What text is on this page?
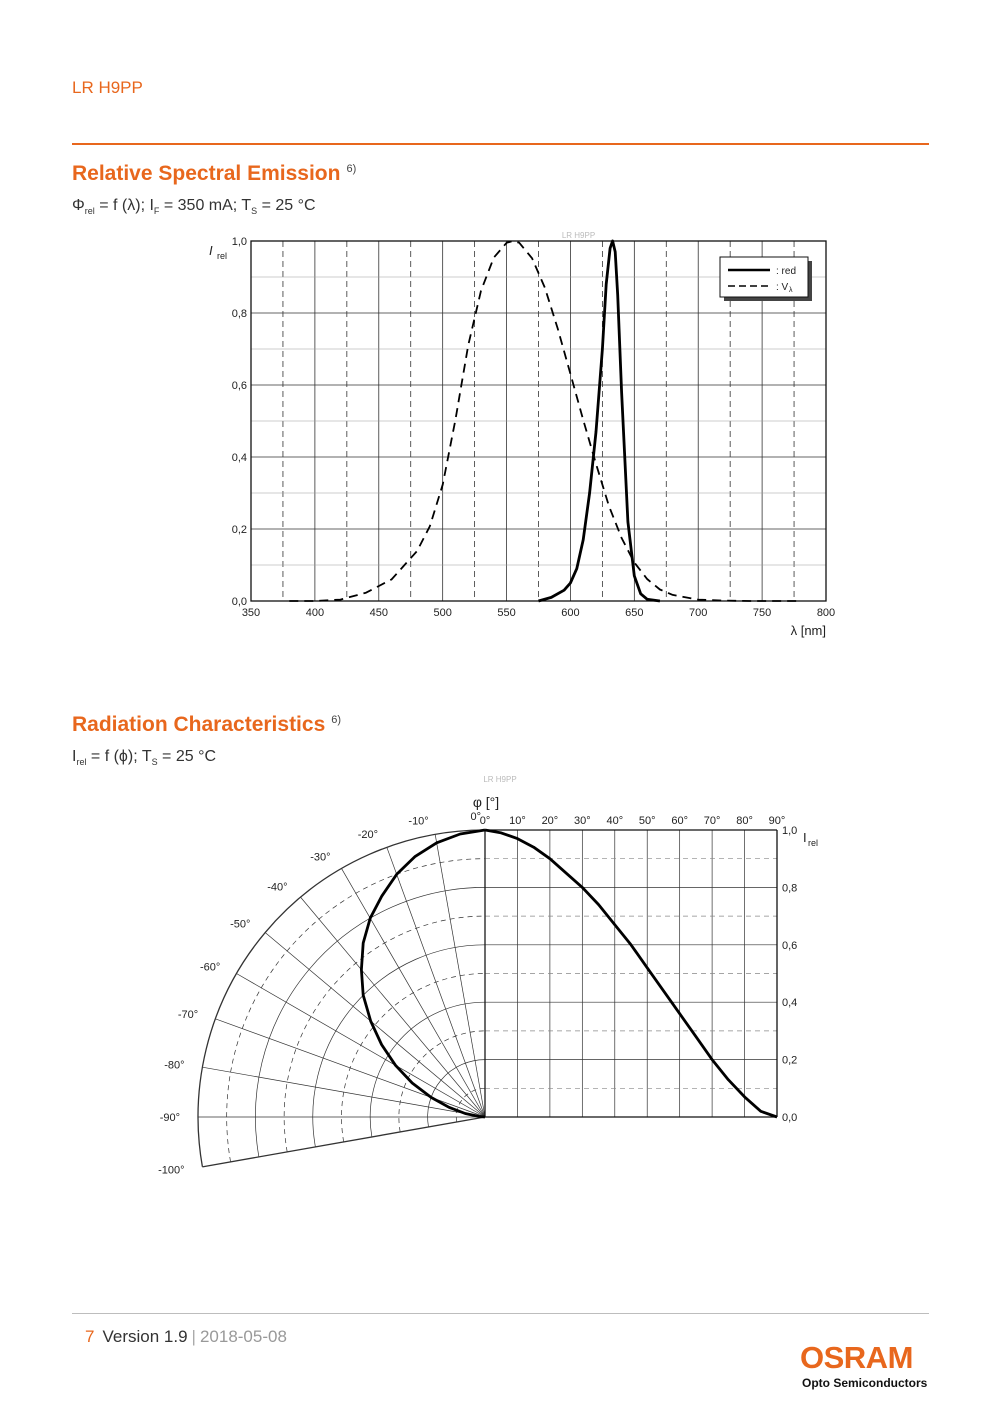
LR H9PP
Relative Spectral Emission $^{6)}$
$\Phi_{rel} = f$ (λ); $I_F = 350$ mA; $T_S = 25$ °C
LR H9PP
350	400	450	500	550	600	650	700	750	800
0,0
0,2
0,4
0,6
0,8
1,0
I rel
λ [nm]
: red
: V λ
Radiation Characteristics $^{6)}$
$I_{rel} = f$ (ϕ); $T_S = 25$ °C
LR H9PP
-100°
-90°
-80°
-70°
-60°
-50°
-40°
-30°
-20°
-10°	0°
0° 10° 20° 30° 40° 50° 60° 70° 80° 90°
0,0
0,2
0,4
0,6
0,8
1,0 I rel
φ [°]
7 Version 1.9 | 2018-05-08
OSRAM
Opto Semiconductors
